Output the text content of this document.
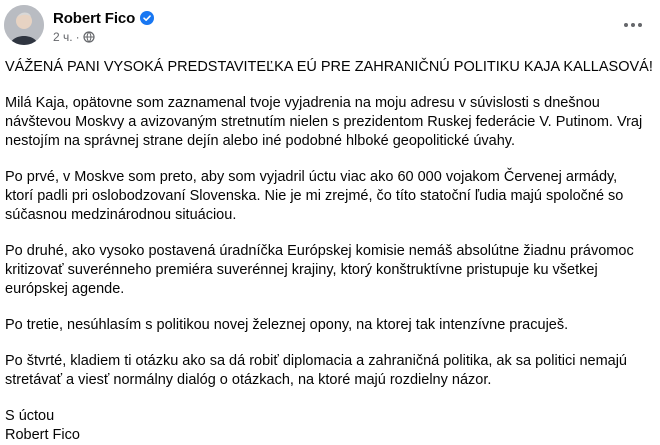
Robert Fico
2 ч. ·

VÁŽENÁ PANI VYSOKÁ PREDSTAVITEĽKA EÚ PRE ZAHRANIČNÚ POLITIKU KAJA KALLASOVÁ!

Milá Kaja, opätovne som zaznamenal tvoje vyjadrenia na moju adresu v súvislosti s dnešnou

návštevou Moskvy a avizovaným stretnutím nielen s prezidentom Ruskej federácie V. Putinom. Vraj

nestojím na správnej strane dejín alebo iné podobné hlboké geopolitické úvahy.

Po prvé, v Moskve som preto, aby som vyjadril úctu viac ako 60 000 vojakom Červenej armády,

ktorí padli pri oslobodzovaní Slovenska. Nie je mi zrejmé, čo títo statoční ľudia majú spoločné so

súčasnou medzinárodnou situáciou.

Po druhé, ako vysoko postavená úradníčka Európskej komisie nemáš absolútne žiadnu právomoc

kritizovať suverénneho premiéra suverénnej krajiny, ktorý konštruktívne pristupuje ku všetkej

európskej agende.

Po tretie, nesúhlasím s politikou novej železnej opony, na ktorej tak intenzívne pracuješ.

Po štvrté, kladiem ti otázku ako sa dá robiť diplomacia a zahraničná politika, ak sa politici nemajú

stretávať a viesť normálny dialóg o otázkach, na ktoré majú rozdielny názor.

S úctou

Robert Fico
